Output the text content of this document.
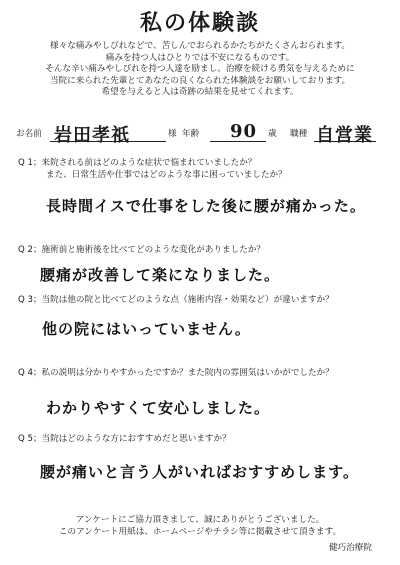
私の体験談
様々な痛みやしびれなどで、苦しんでおられるかたちがたくさんおられます。
痛みを持つ人はひとりでは不安になるものです。
そんな辛い痛みやしびれを持つ人達を励まし、治療を続ける勇気を与えるために
当院に来られた先輩とてあなたの良くなられた体験談をお願いしております。
希望を与えると人は奇跡の結果を見せてくれます。
お名前 岩田孝祇	様 年齢 90 歳 職種 自営業
Q 1；来院される前はどのような症状で悩まれていましたか？
また、日常生活や仕事ではどのような事に困っていましたか？
長時間イスで仕事をした後に腰が痛かった。
Q 2；施術前と施術後を比べてどのような変化がありましたか？
腰痛が改善して楽になりました。
Q 3；当院は他の院と比べてどのような点（施術内容・効果など）が違いますか？
他の院にはいっていません。
Q 4；私の説明は分かりやすかったですか？また院内の雰囲気はいかがでしたか？
わかりやすくて安心しました。
Q 5；当院はどのような方におすすめだと思いますか？
腰が痛いと言う人がいればおすすめします。
アンケートにご協力頂きまして、誠にありがとうございました。
このアンケート用紙は、ホームページやチラシ等に掲載させて頂きます。
健巧治療院
